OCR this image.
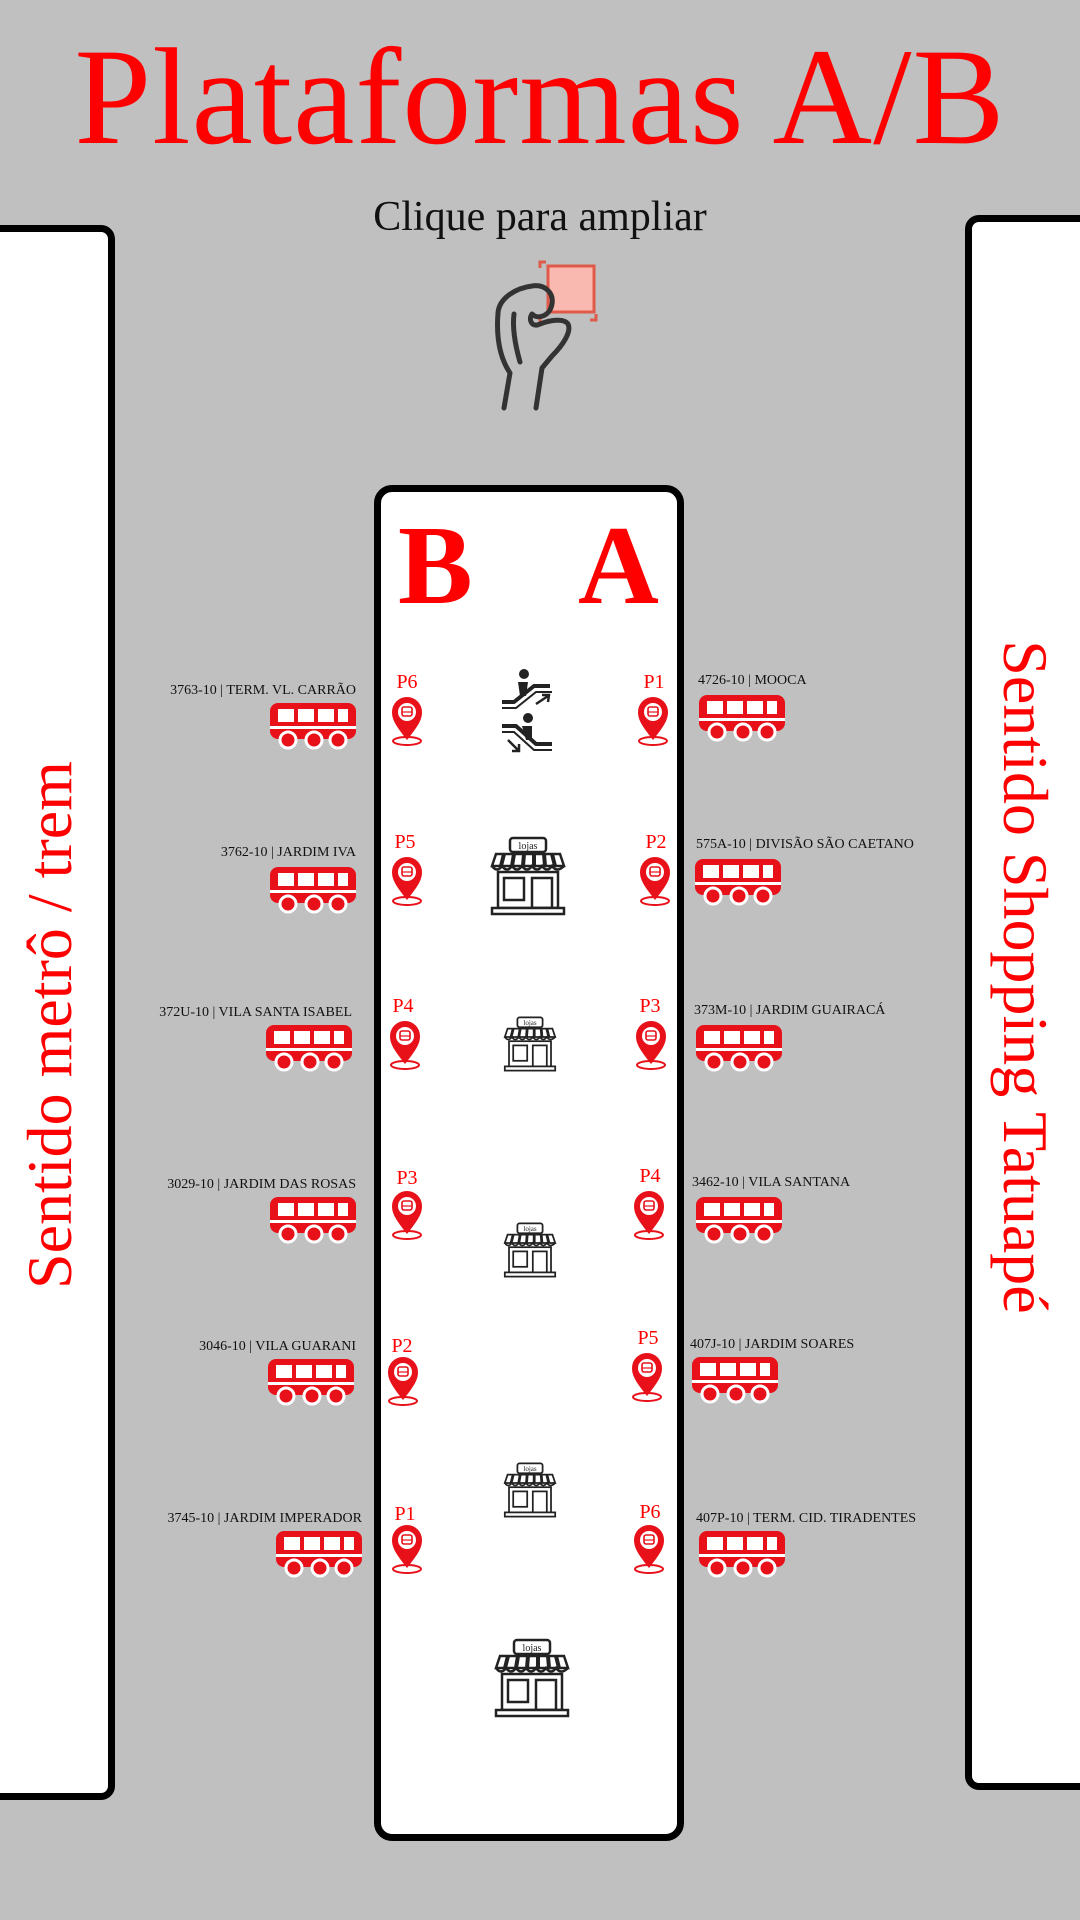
Plataformas A/B
Clique para ampliar
Sentido metrô / trem	Sentido Shopping Tatuapé
B A
3763-10 | TERM. VL. CARRÃO	P6
3762-10 | JARDIM IVA	P5
372U-10 | VILA SANTA ISABEL	P4
3029-10 | JARDIM DAS ROSAS	P3
3046-10 | VILA GUARANI	P2
3745-10 | JARDIM IMPERADOR	P1
P1	4726-10 | MOOCA
P2	575A-10 | DIVISÃO SÃO CAETANO
P3	373M-10 | JARDIM GUAIRACÁ
P4	3462-10 | VILA SANTANA
P5	407J-10 | JARDIM SOARES
P6	407P-10 | TERM. CID. TIRADENTES
